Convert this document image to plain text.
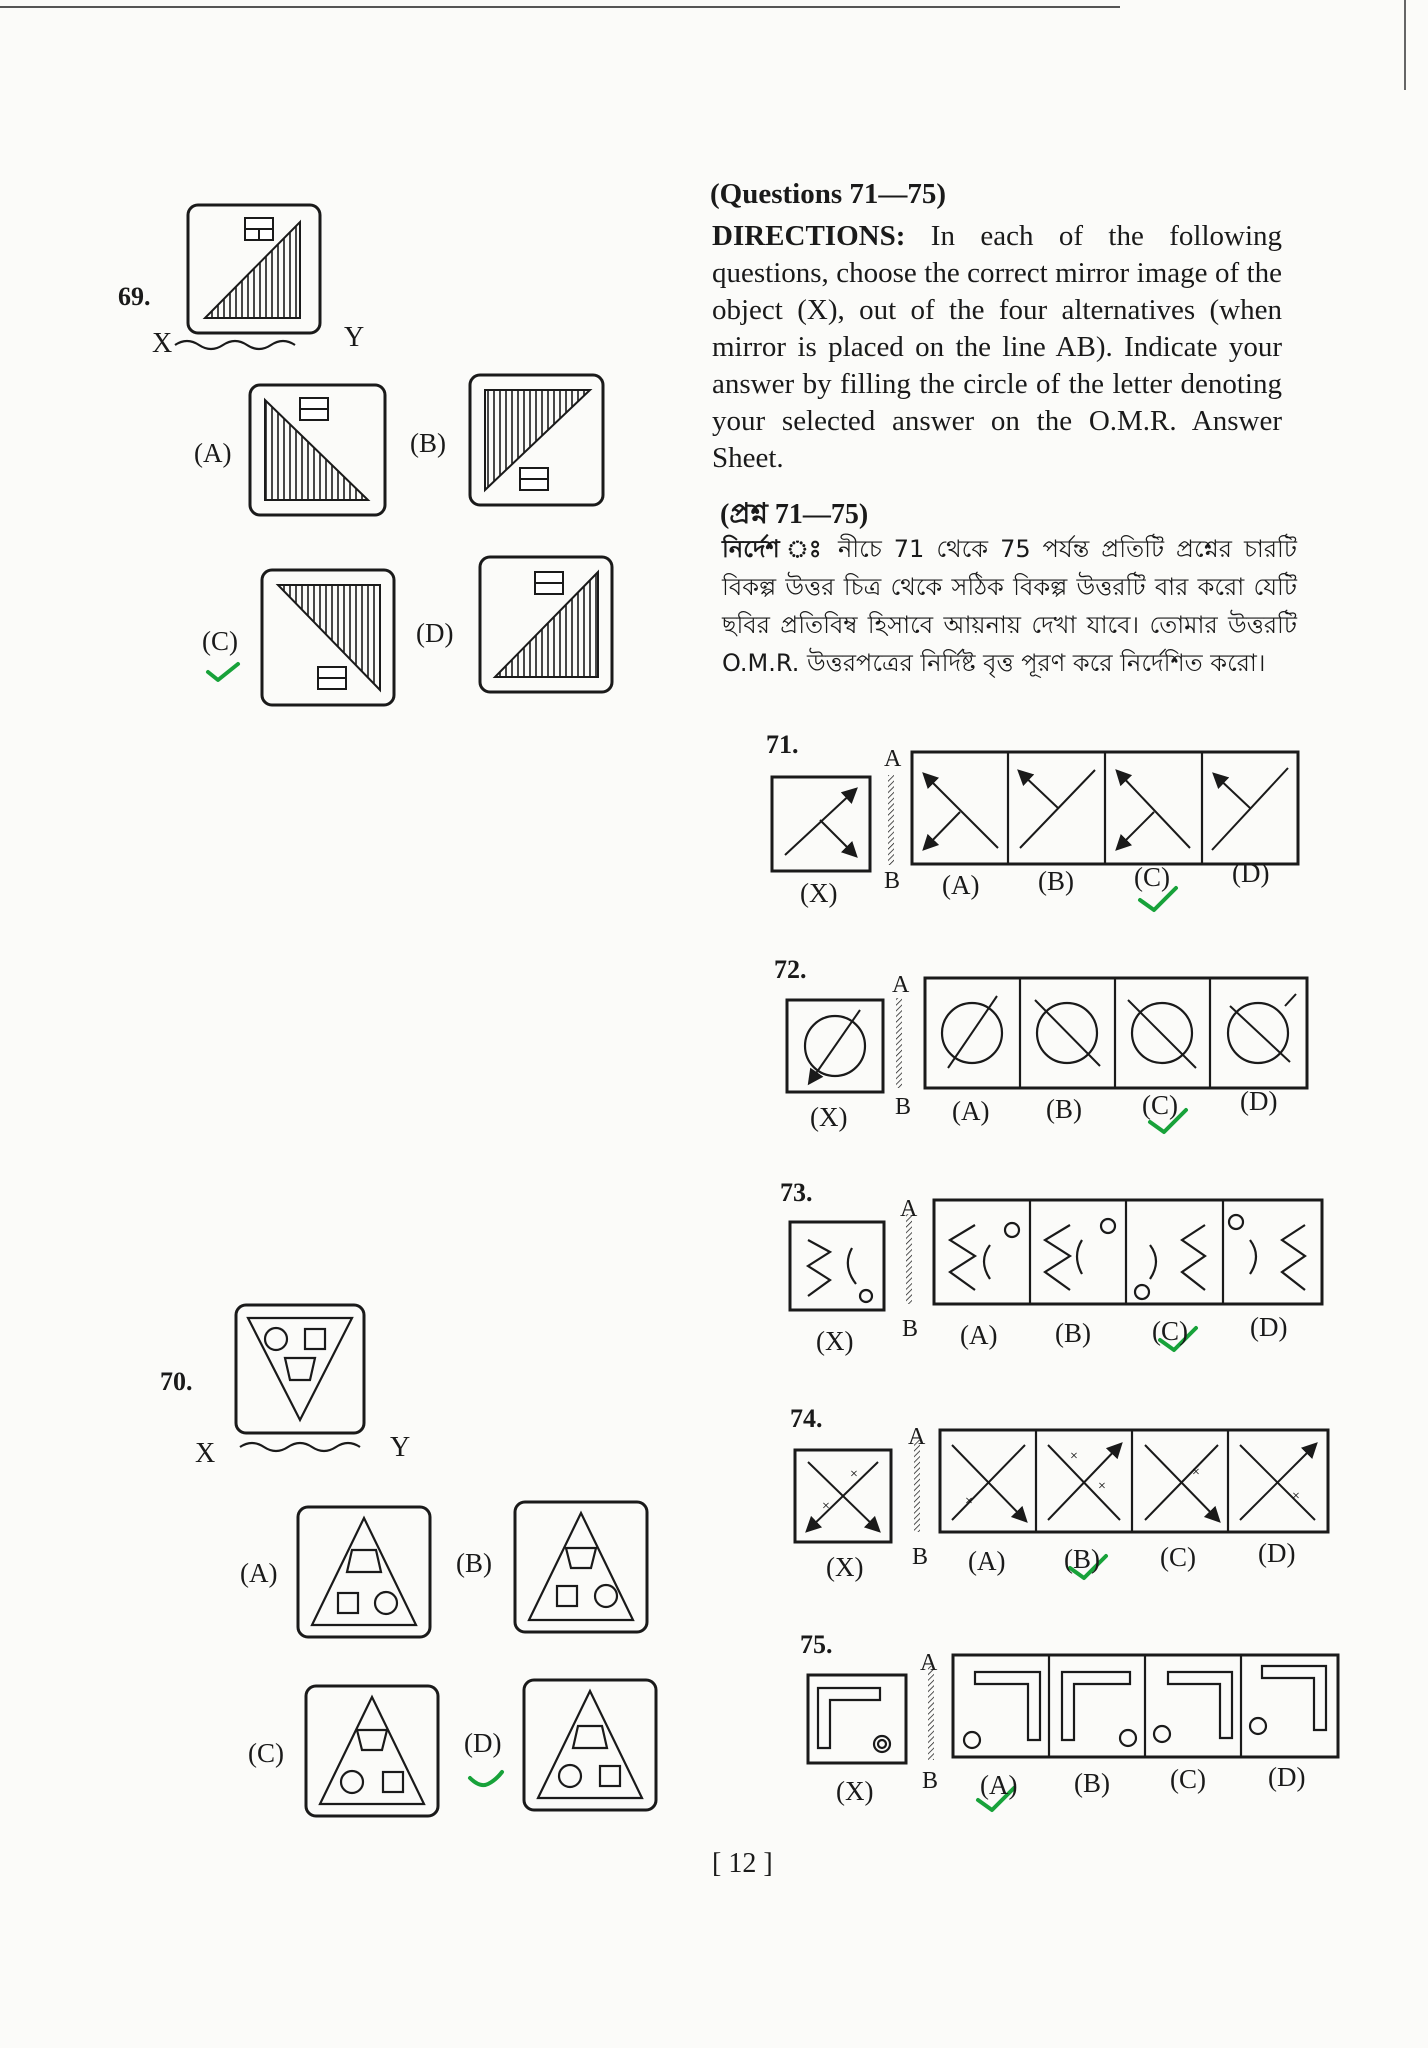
69.
X	Y
(A)	(B)
(C)	(D)
70.
X	Y
(A)	(B)
(C)	(D)
(Questions 71—75)
DIRECTIONS: In each of the following questions, choose the correct mirror image of the object (X), out of the four alternatives (when mirror is placed on the line AB). Indicate your answer by filling the circle of the letter denoting your selected answer on the O.M.R. Answer Sheet.
(প্রশ্ন 71—75)
নির্দেশ ঃ নীচে 71 থেকে 75 পর্যন্ত প্রতিটি প্রশ্নের চারটি বিকল্প উত্তর চিত্র থেকে সঠিক বিকল্প উত্তরটি বার করো যেটি ছবির প্রতিবিম্ব হিসাবে আয়নায় দেখা যাবে। তোমার উত্তরটি O.M.R. উত্তরপত্রের নির্দিষ্ট বৃত্ত পূরণ করে নির্দেশিত করো।
×
×	×
×
×
×
×
71.	A
B
(X)	(A) (B) (C) (D)
72.
A
B
(X)	(A) (B) (C) (D)
73.
A
B
(X)	(A) (B) (C) (D)
74.
A
B
(X)	(A) (B) (C) (D)
75.
A
B
(X)	(A) (B) (C) (D)
[ 12 ]
